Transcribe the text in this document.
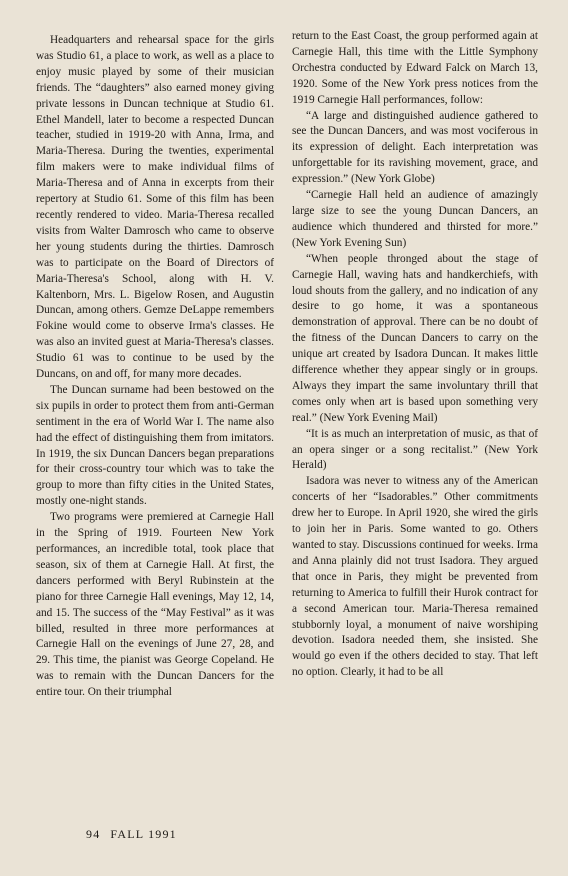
Headquarters and rehearsal space for the girls was Studio 61, a place to work, as well as a place to enjoy music played by some of their musician friends. The “daughters” also earned money giving private lessons in Duncan technique at Studio 61. Ethel Mandell, later to become a respected Duncan teacher, studied in 1919-20 with Anna, Irma, and Maria-Theresa. During the twenties, experimental film makers were to make individual films of Maria-Theresa and of Anna in excerpts from their repertory at Studio 61. Some of this film has been recently rendered to video. Maria-Theresa recalled visits from Walter Damrosch who came to observe her young students during the thirties. Damrosch was to participate on the Board of Directors of Maria-Theresa's School, along with H. V. Kaltenborn, Mrs. L. Bigelow Rosen, and Augustin Duncan, among others. Gemze DeLappe remembers Fokine would come to observe Irma's classes. He was also an invited guest at Maria-Theresa's classes. Studio 61 was to continue to be used by the Duncans, on and off, for many more decades.

The Duncan surname had been bestowed on the six pupils in order to protect them from anti-German sentiment in the era of World War I. The name also had the effect of distinguishing them from imitators. In 1919, the six Duncan Dancers began preparations for their cross-country tour which was to take the group to more than fifty cities in the United States, mostly one-night stands.

Two programs were premiered at Carnegie Hall in the Spring of 1919. Fourteen New York performances, an incredible total, took place that season, six of them at Carnegie Hall. At first, the dancers performed with Beryl Rubinstein at the piano for three Carnegie Hall evenings, May 12, 14, and 15. The success of the “May Festival” as it was billed, resulted in three more performances at Carnegie Hall on the evenings of June 27, 28, and 29. This time, the pianist was George Copeland. He was to remain with the Duncan Dancers for the entire tour. On their triumphal

return to the East Coast, the group performed again at Carnegie Hall, this time with the Little Symphony Orchestra conducted by Edward Falck on March 13, 1920. Some of the New York press notices from the 1919 Carnegie Hall performances, follow:

“A large and distinguished audience gathered to see the Duncan Dancers, and was most vociferous in its expression of delight. Each interpretation was unforgettable for its ravishing movement, grace, and expression.” (New York Globe)

“Carnegie Hall held an audience of amazingly large size to see the young Duncan Dancers, an audience which thundered and thirsted for more.” (New York Evening Sun)

“When people thronged about the stage of Carnegie Hall, waving hats and handkerchiefs, with loud shouts from the gallery, and no indication of any desire to go home, it was a spontaneous demonstration of approval. There can be no doubt of the fitness of the Duncan Dancers to carry on the unique art created by Isadora Duncan. It makes little difference whether they appear singly or in groups. Always they impart the same involuntary thrill that comes only when art is based upon something very real.” (New York Evening Mail)

“It is as much an interpretation of music, as that of an opera singer or a song recitalist.” (New York Herald)

Isadora was never to witness any of the American concerts of her “Isadorables.” Other commitments drew her to Europe. In April 1920, she wired the girls to join her in Paris. Some wanted to go. Others wanted to stay. Discussions continued for weeks. Irma and Anna plainly did not trust Isadora. They argued that once in Paris, they might be prevented from returning to America to fulfill their Hurok contract for a second American tour. Maria-Theresa remained stubbornly loyal, a monument of naive worshiping devotion. Isadora needed them, she insisted. She would go even if the others decided to stay. That left no option. Clearly, it had to be all

94 FALL 1991
